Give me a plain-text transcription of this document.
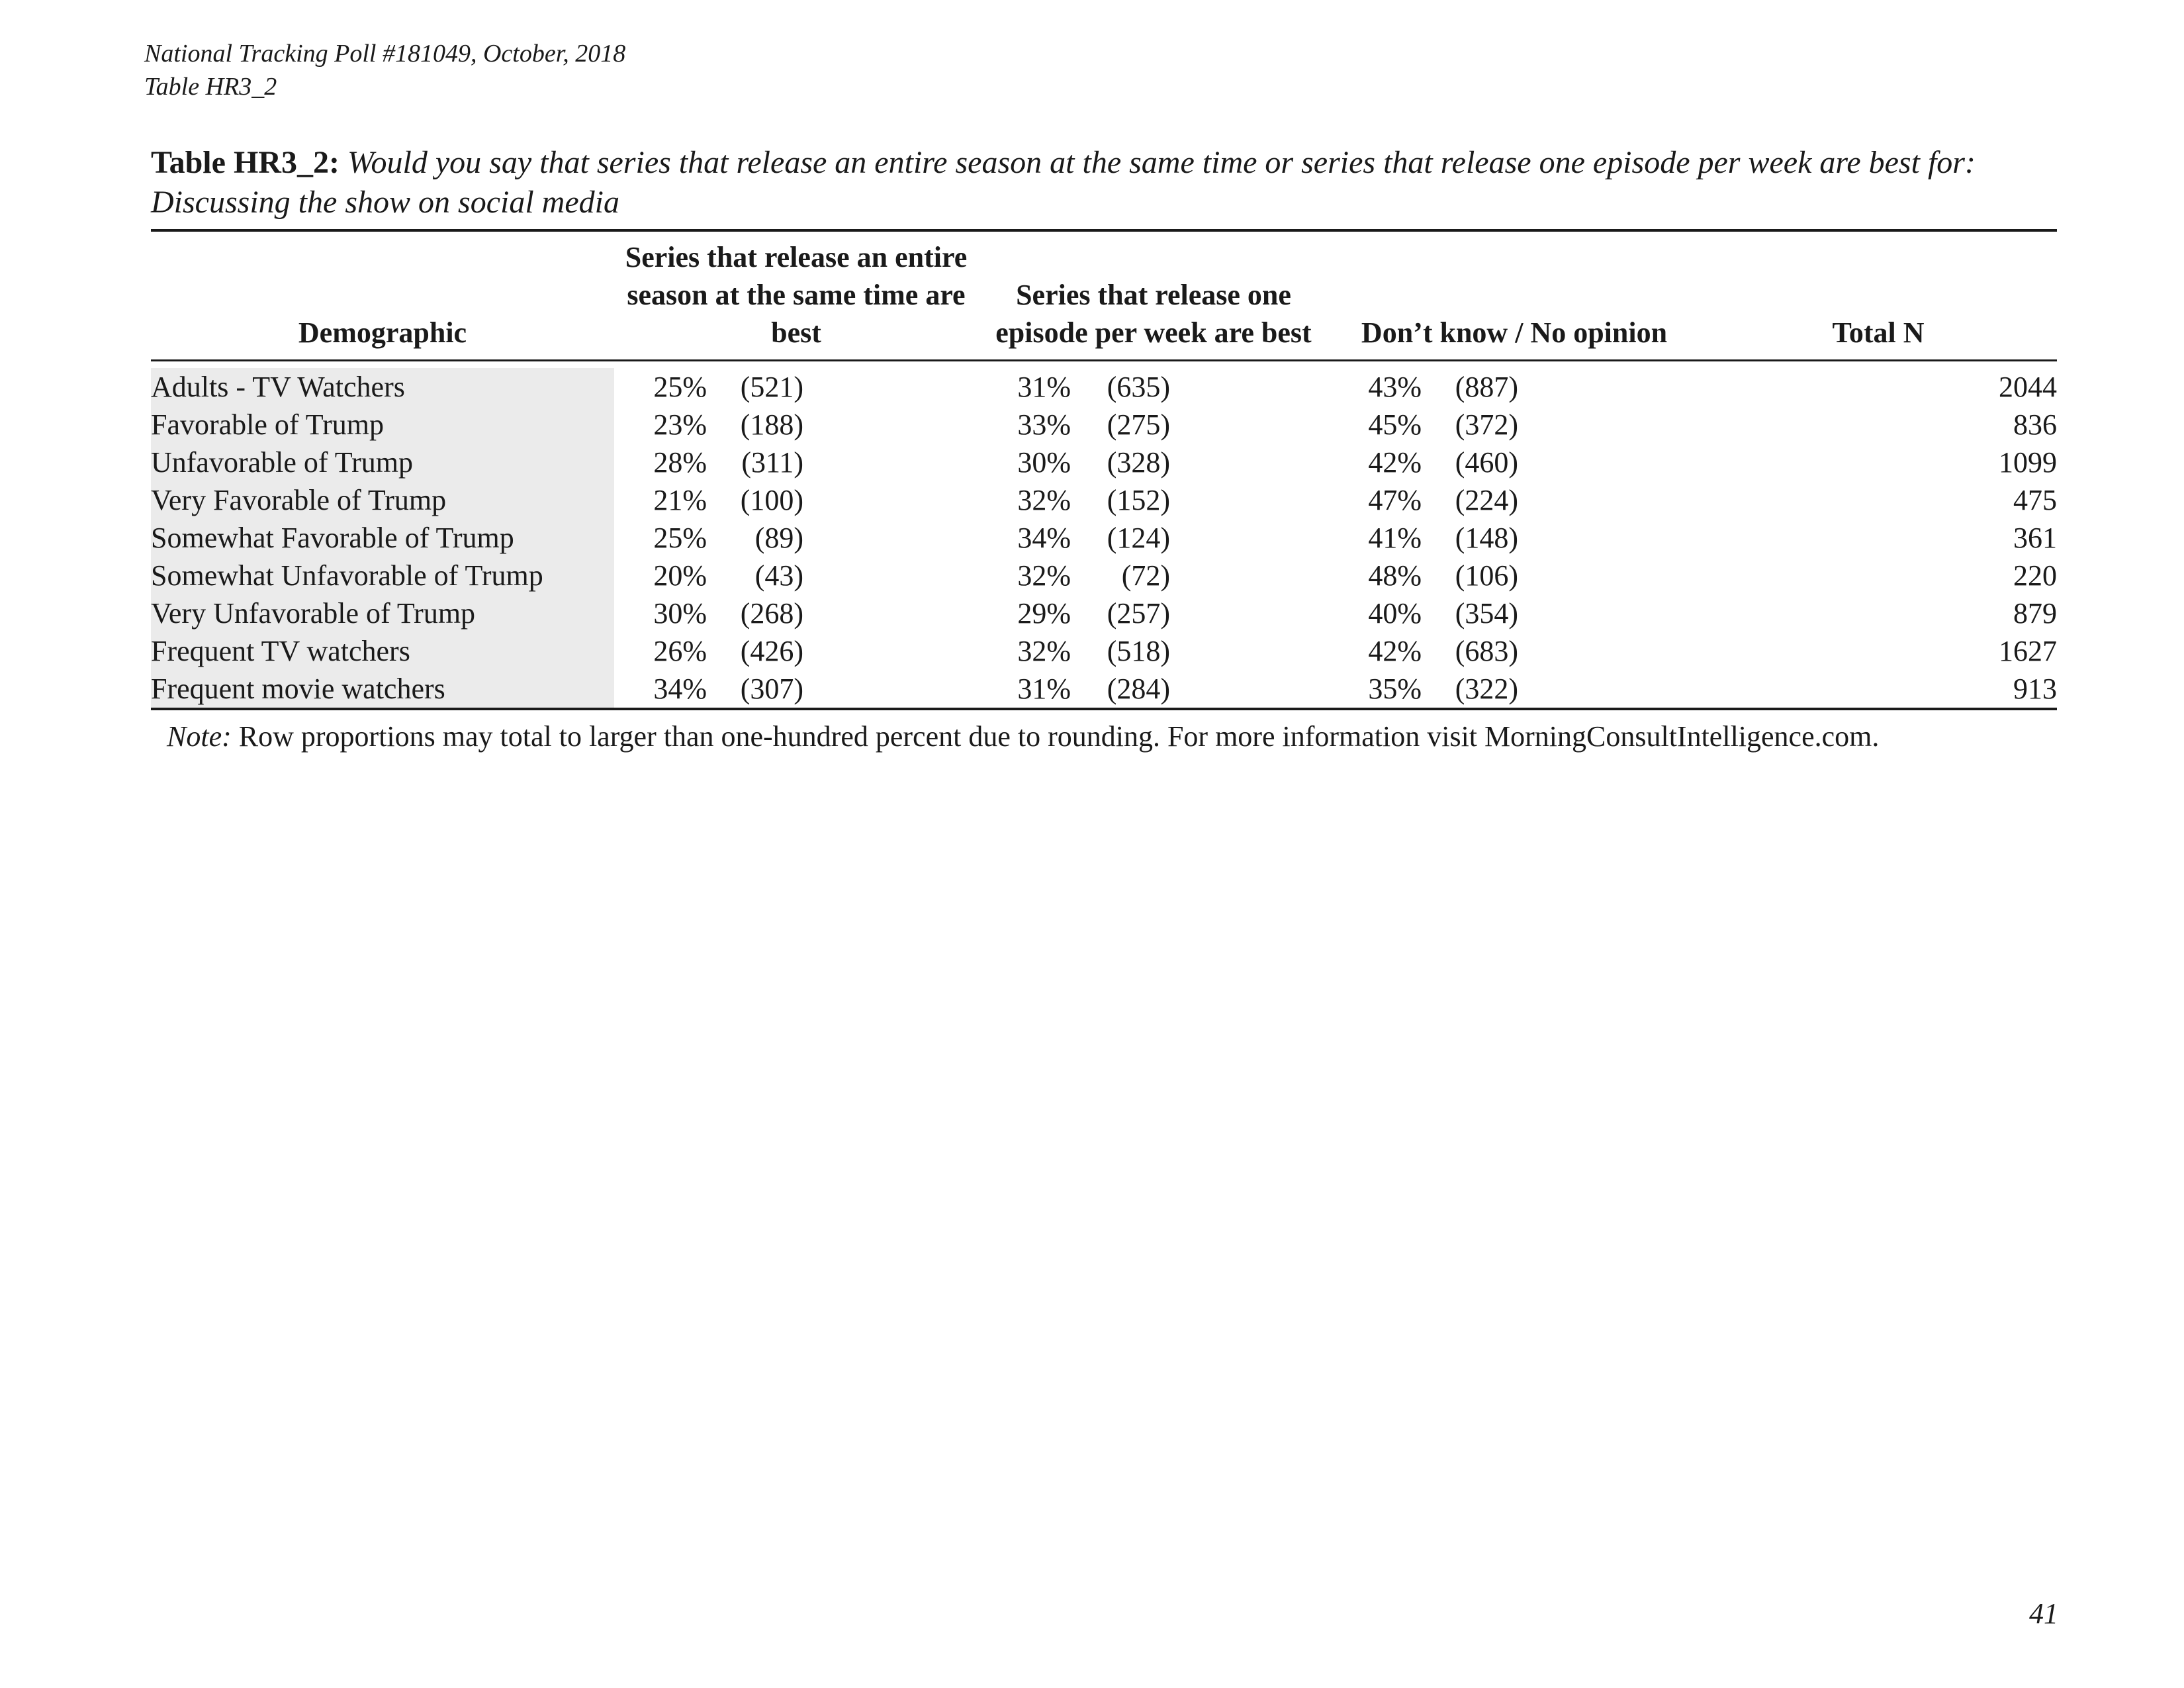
National Tracking Poll #181049, October, 2018
Table HR3_2
Table HR3_2: Would you say that series that release an entire season at the same time or series that release one episode per week are best for: Discussing the show on social media
Demographic	Series that release an entire season at the same time are best	Series that release one episode per week are best	Don’t know / No opinion	Total N

Adults - TV Watchers	25% (521)	31% (635)	43% (887)	2044
Favorable of Trump	23% (188)	33% (275)	45% (372)	836
Unfavorable of Trump	28% (311)	30% (328)	42% (460)	1099
Very Favorable of Trump	21% (100)	32% (152)	47% (224)	475
Somewhat Favorable of Trump	25% (89)	34% (124)	41% (148)	361
Somewhat Unfavorable of Trump	20% (43)	32% (72)	48% (106)	220
Very Unfavorable of Trump	30% (268)	29% (257)	40% (354)	879
Frequent TV watchers	26% (426)	32% (518)	42% (683)	1627
Frequent movie watchers	34% (307)	31% (284)	35% (322)	913
Note: Row proportions may total to larger than one-hundred percent due to rounding. For more information visit MorningConsultIntelligence.com.				
41
